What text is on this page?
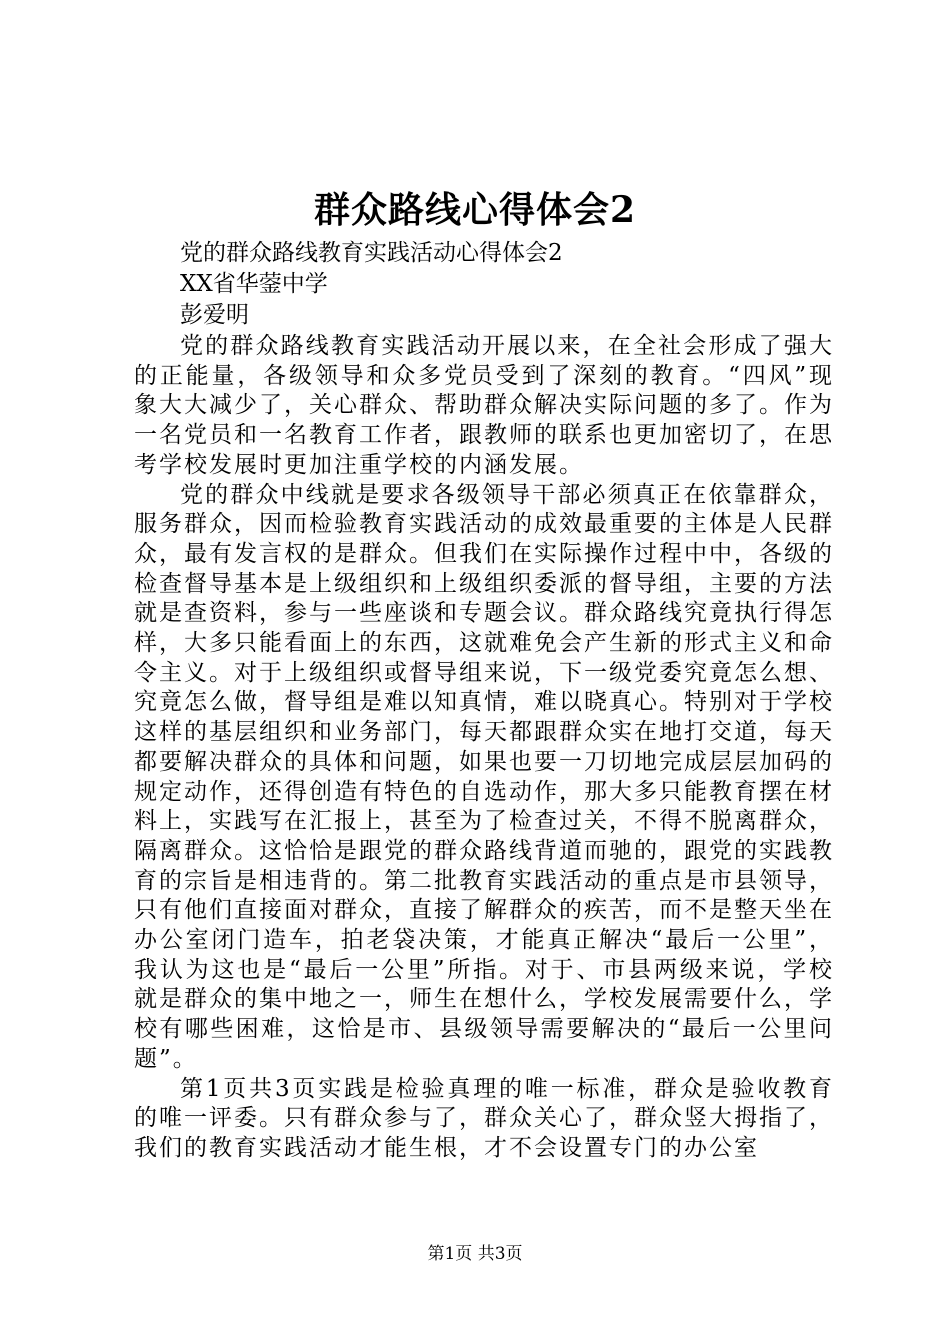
群众路线心得体会2
党的群众路线教育实践活动心得体会2
XX省华蓥中学
彭爱明

党的群众路线教育实践活动开展以来，在全社会形成了强大的正能量，各级领导和众多党员受到了深刻的教育。“四风”现象大大减少了，关心群众、帮助群众解决实际问题的多了。作为一名党员和一名教育工作者，跟教师的联系也更加密切了，在思考学校发展时更加注重学校的内涵发展。

党的群众中线就是要求各级领导干部必须真正在依靠群众，服务群众，因而检验教育实践活动的成效最重要的主体是人民群众，最有发言权的是群众。但我们在实际操作过程中中，各级的检查督导基本是上级组织和上级组织委派的督导组，主要的方法就是查资料，参与一些座谈和专题会议。群众路线究竟执行得怎样，大多只能看面上的东西，这就难免会产生新的形式主义和命令主义。对于上级组织或督导组来说，下一级党委究竟怎么想、究竟怎么做，督导组是难以知真情，难以晓真心。特别对于学校这样的基层组织和业务部门，每天都跟群众实在地打交道，每天都要解决群众的具体和问题，如果也要一刀切地完成层层加码的规定动作，还得创造有特色的自选动作，那大多只能教育摆在材料上，实践写在汇报上，甚至为了检查过关，不得不脱离群众，隔离群众。这恰恰是跟党的群众路线背道而驰的，跟党的实践教育的宗旨是相违背的。第二批教育实践活动的重点是市县领导，只有他们直接面对群众，直接了解群众的疾苦，而不是整天坐在办公室闭门造车，拍老袋决策，才能真正解决“最后一公里”，我认为这也是“最后一公里”所指。对于、市县两级来说，学校就是群众的集中地之一，师生在想什么，学校发展需要什么，学校有哪些困难，这恰是市、县级领导需要解决的“最后一公里问题”。

第1页共3页实践是检验真理的唯一标准，群众是验收教育的唯一评委。只有群众参与了，群众关心了，群众竖大拇指了，我们的教育实践活动才能生根，才不会设置专门的办公室

第1页 共3页
